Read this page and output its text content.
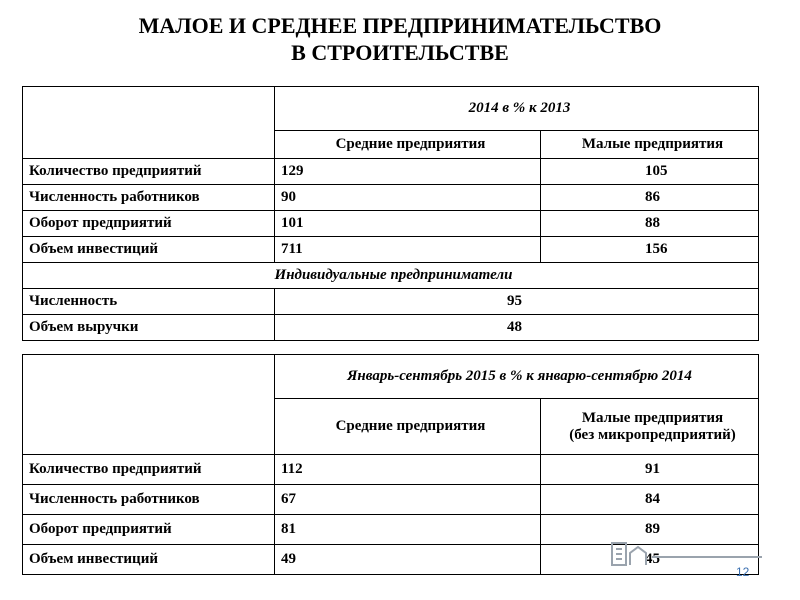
МАЛОЕ И СРЕДНЕЕ ПРЕДПРИНИМАТЕЛЬСТВО
В СТРОИТЕЛЬСТВЕ
	2014 в % к 2013	
	Средние предприятия	Малые предприятия
Количество предприятий	129	105
Численность работников	90	86
Оборот предприятий	101	88
Объем инвестиций	711	156
Индивидуальные предприниматели		
Численность	95	
Объем выручки	48	
	Январь-сентябрь 2015 в % к январю-сентябрю 2014	
	Средние предприятия	Малые предприятия
(без микропредприятий)

Количество предприятий	112	91
Численность работников	67	84
Оборот предприятий	81	89
Объем инвестиций	49	45
12
